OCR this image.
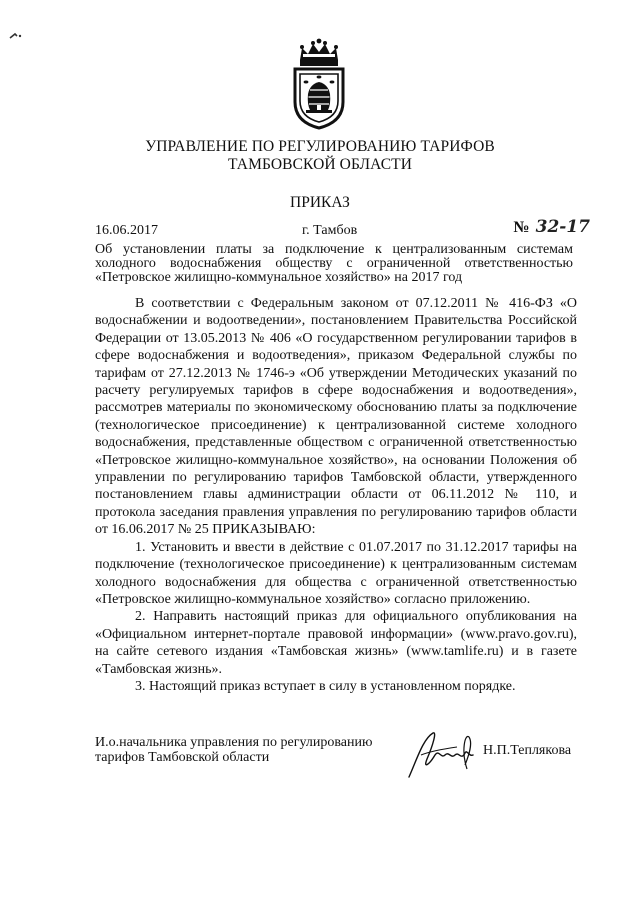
УПРАВЛЕНИЕ ПО РЕГУЛИРОВАНИЮ ТАРИФОВ
ТАМБОВСКОЙ ОБЛАСТИ
ПРИКАЗ
16.06.2017	г. Тамбов	№ 32-17
Об установлении платы за подключение к централизованным системам холодного водоснабжения обществу с ограниченной ответственностью «Петровское жилищно-коммунальное хозяйство» на 2017 год

В соответствии с Федеральным законом от 07.12.2011 № 416-ФЗ «О водоснабжении и водоотведении», постановлением Правительства Российской Федерации от 13.05.2013 № 406 «О государственном регулировании тарифов в сфере водоснабжения и водоотведения», приказом Федеральной службы по тарифам от 27.12.2013 № 1746-э «Об утверждении Методических указаний по расчету регулируемых тарифов в сфере водоснабжения и водоотведения», рассмотрев материалы по экономическому обоснованию платы за подключение (технологическое присоединение) к централизованной системе холодного водоснабжения, представленные обществом с ограниченной ответственностью «Петровское жилищно-коммунальное хозяйство», на основании Положения об управлении по регулированию тарифов Тамбовской области, утвержденного постановлением главы администрации области от 06.11.2012 № 110, и протокола заседания правления управления по регулированию тарифов области от 16.06.2017 № 25 ПРИКАЗЫВАЮ:

1. Установить и ввести в действие с 01.07.2017 по 31.12.2017 тарифы на подключение (технологическое присоединение) к централизованным системам холодного водоснабжения для общества с ограниченной ответственностью «Петровское жилищно-коммунальное хозяйство» согласно приложению.

2. Направить настоящий приказ для официального опубликования на «Официальном интернет-портале правовой информации» (www.pravo.gov.ru), на сайте сетевого издания «Тамбовская жизнь» (www.tamlife.ru) и в газете «Тамбовская жизнь».

3. Настоящий приказ вступает в силу в установленном порядке.

И.о.начальника управления по регулированию
тарифов Тамбовской области	Н.П.Теплякова
